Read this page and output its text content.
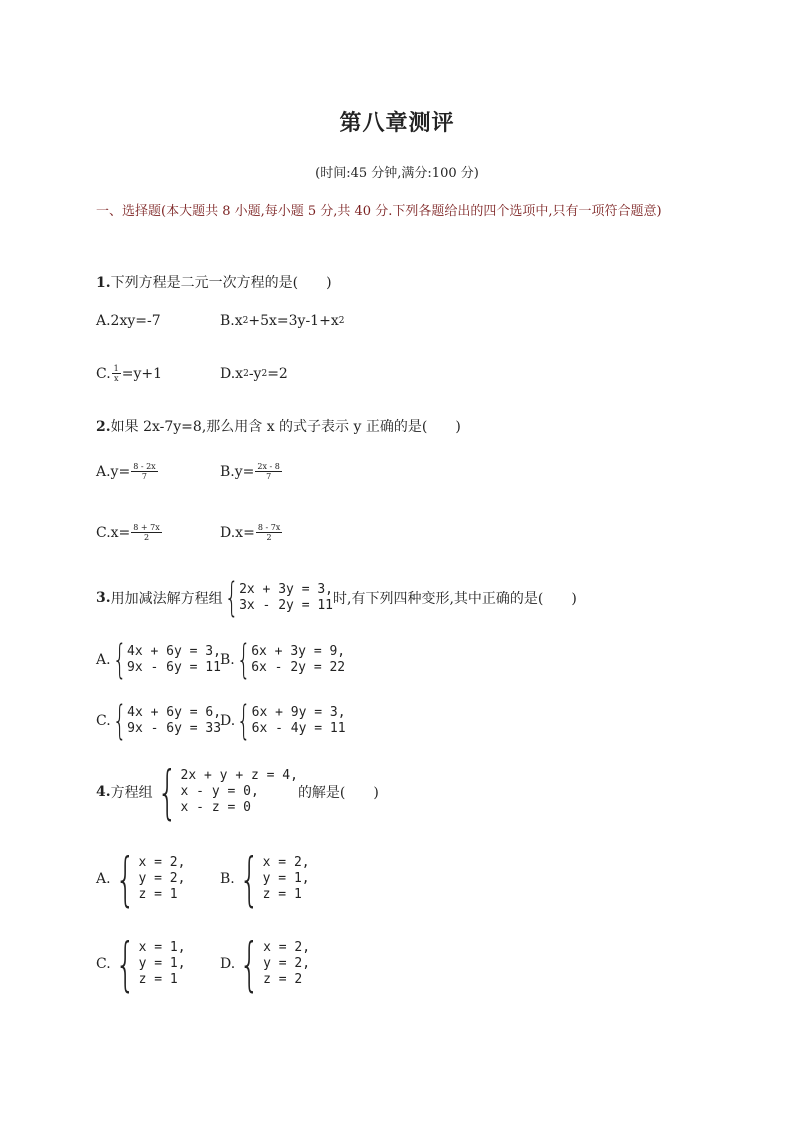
第八章测评
(时间:45 分钟,满分:100 分)
一、选择题(本大题共 8 小题,每小题 5 分,共 40 分.下列各题给出的四个选项中,只有一项符合题意)
1.下列方程是二元一次方程的是(　　)
A.2xy=-7	B.x 2 +5x=3y-1+x 2
C. $\frac{1}{x} =y+1$	D.x 2 -y 2 =2
2.如果 2x-7y=8,那么用含 x 的式子表示 y 正确的是(　　)
$A.y= \frac{8 - 2x}{7}$	$B.y= \frac{2x - 8}{7}$
$C.x= \frac{8 + 7x}{2}$	$D.x= \frac{8 - 7x}{2}$
3. 用加减法解方程组 { 2x + 3y = 3,
3x - 2y = 11 时,有下列四种变形,其中正确的是(　　)
A. { 4x + 6y = 3,
9x - 6y = 11 B. { 6x + 3y = 9,
6x - 2y = 22
C. { 4x + 6y = 6,
9x - 6y = 33
D. { 6x + 9y = 3,
6x - 4y = 11
4. 方程组 { 2x + y + z = 4,
x - y = 0,
x - z = 0
的解是(　　)
A. { x = 2,
y = 2,
z = 1
B. { x = 2,
y = 1,
z = 1
C. { x = 1,
y = 1,
z = 1
D. { x = 2,
y = 2,
z = 2
